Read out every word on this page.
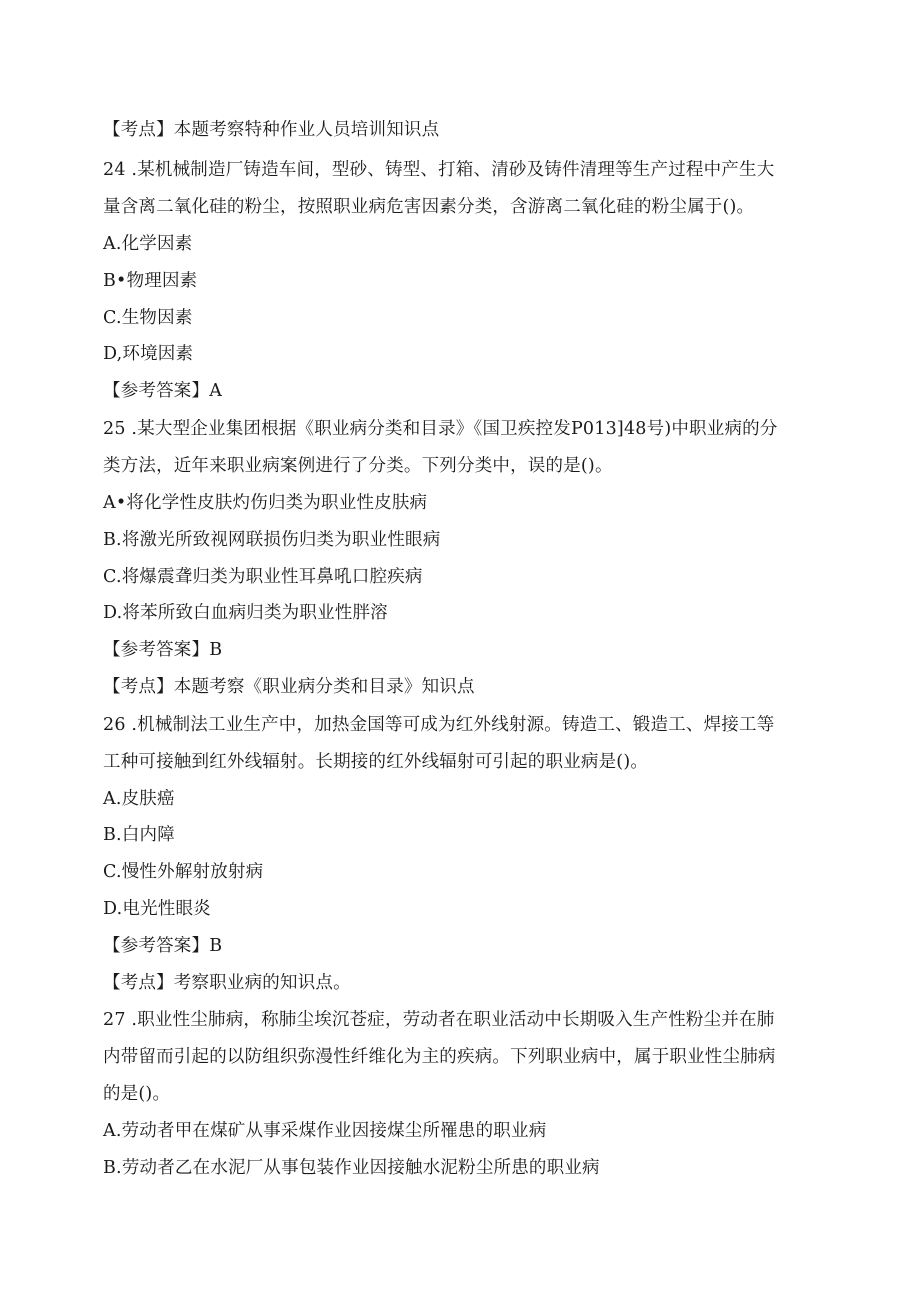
【考点】本题考察特种作业人员培训知识点
24 .某机械制造厂铸造车间，型砂、铸型、打箱、清砂及铸件清理等生产过程中产生大
量含离二氧化硅的粉尘，按照职业病危害因素分类，含游离二氧化硅的粉尘属于()。
A.化学因素
B•物理因素
C.生物因素
D,环境因素
【参考答案】A
25 .某大型企业集团根据《职业病分类和目录》《国卫疾控发P013]48号)中职业病的分
类方法，近年来职业病案例进行了分类。下列分类中，误的是()。
A•将化学性皮肤灼伤归类为职业性皮肤病
B.将激光所致视网联损伤归类为职业性眼病
C.将爆震聋归类为职业性耳鼻吼口腔疾病
D.将苯所致白血病归类为职业性胖溶
【参考答案】B
【考点】本题考察《职业病分类和目录》知识点
26 .机械制法工业生产中，加热金国等可成为红外线射源。铸造工、锻造工、焊接工等
工种可接触到红外线辐射。长期接的红外线辐射可引起的职业病是()。
A.皮肤癌
B.白内障
C.慢性外解射放射病
D.电光性眼炎
【参考答案】B
【考点】考察职业病的知识点。
27 .职业性尘肺病，称肺尘埃沉苍症，劳动者在职业活动中长期吸入生产性粉尘并在肺
内带留而引起的以防组织弥漫性纤维化为主的疾病。下列职业病中，属于职业性尘肺病
的是()。
A.劳动者甲在煤矿从事采煤作业因接煤尘所罹患的职业病
B.劳动者乙在水泥厂从事包装作业因接触水泥粉尘所患的职业病
